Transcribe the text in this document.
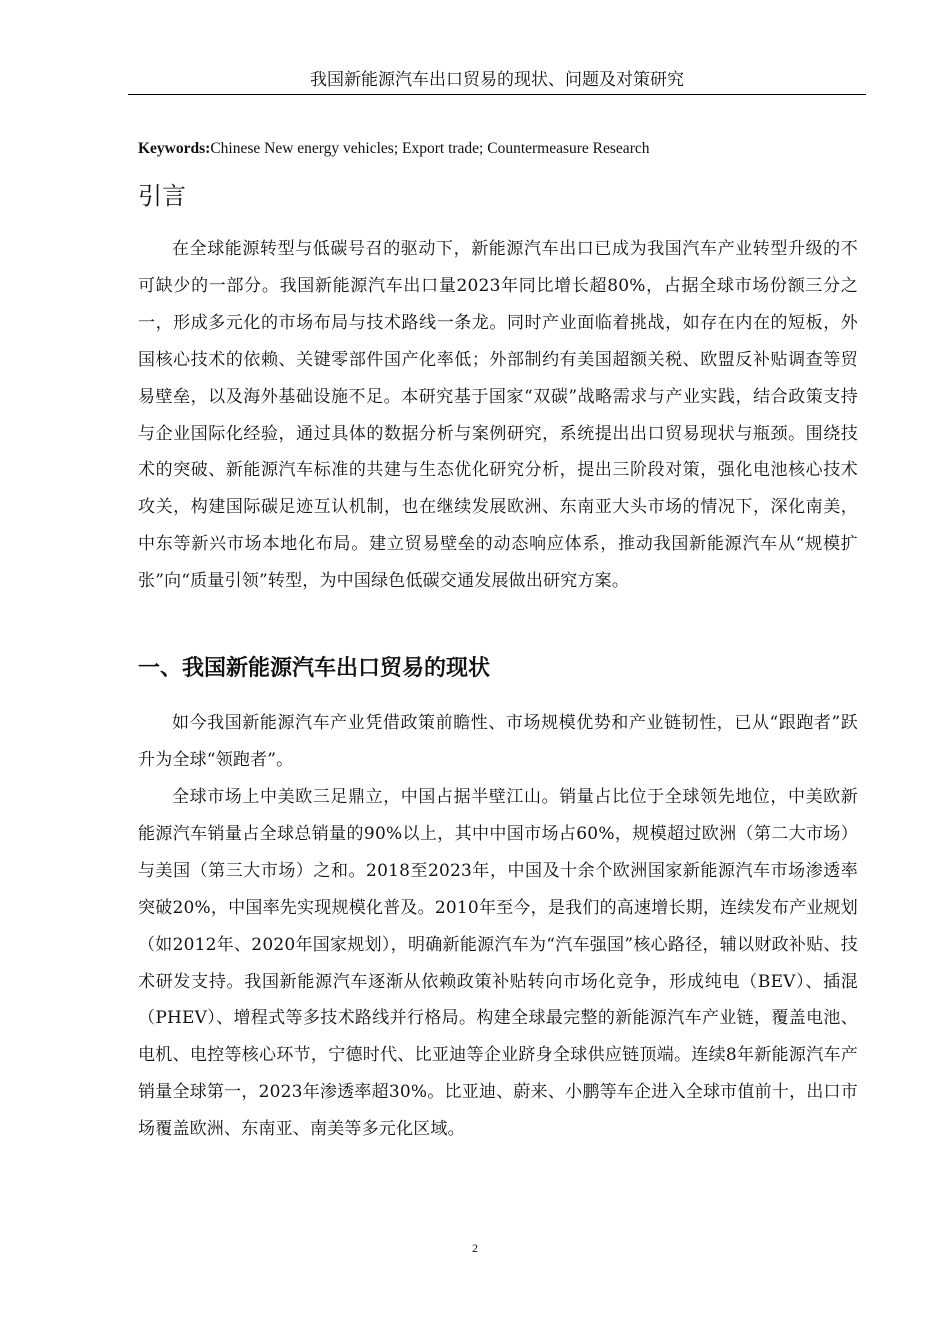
我国新能源汽车出口贸易的现状、问题及对策研究
Keywords:Chinese New energy vehicles; Export trade; Countermeasure Research
引言

在全球能源转型与低碳号召的驱动下，新能源汽车出口已成为我国汽车产业转型升级的不可缺少的一部分。我国新能源汽车出口量2023年同比增长超80%，占据全球市场份额三分之一，形成多元化的市场布局与技术路线一条龙。同时产业面临着挑战，如存在内在的短板，外国核心技术的依赖、关键零部件国产化率低；外部制约有美国超额关税、欧盟反补贴调查等贸易壁垒，以及海外基础设施不足。本研究基于国家“双碳”战略需求与产业实践，结合政策支持与企业国际化经验，通过具体的数据分析与案例研究，系统提出出口贸易现状与瓶颈。围绕技术的突破、新能源汽车标准的共建与生态优化研究分析，提出三阶段对策，强化电池核心技术攻关，构建国际碳足迹互认机制，也在继续发展欧洲、东南亚大头市场的情况下，深化南美，中东等新兴市场本地化布局。建立贸易壁垒的动态响应体系，推动我国新能源汽车从“规模扩张”向“质量引领”转型，为中国绿色低碳交通发展做出研究方案。

一、我国新能源汽车出口贸易的现状

如今我国新能源汽车产业凭借政策前瞻性、市场规模优势和产业链韧性，已从“跟跑者”跃升为全球“领跑者”。

全球市场上中美欧三足鼎立，中国占据半壁江山。销量占比位于全球领先地位，中美欧新能源汽车销量占全球总销量的90%以上，其中中国市场占60%，规模超过欧洲（第二大市场）与美国（第三大市场）之和。2018至2023年，中国及十余个欧洲国家新能源汽车市场渗透率突破20%，中国率先实现规模化普及。2010年至今，是我们的高速增长期，连续发布产业规划（如2012年、2020年国家规划），明确新能源汽车为“汽车强国”核心路径，辅以财政补贴、技术研发支持。我国新能源汽车逐渐从依赖政策补贴转向市场化竞争，形成纯电（BEV）、插混（PHEV）、增程式等多技术路线并行格局。构建全球最完整的新能源汽车产业链，覆盖电池、电机、电控等核心环节，宁德时代、比亚迪等企业跻身全球供应链顶端。连续8年新能源汽车产销量全球第一，2023年渗透率超30%。比亚迪、蔚来、小鹏等车企进入全球市值前十，出口市场覆盖欧洲、东南亚、南美等多元化区域。

2
